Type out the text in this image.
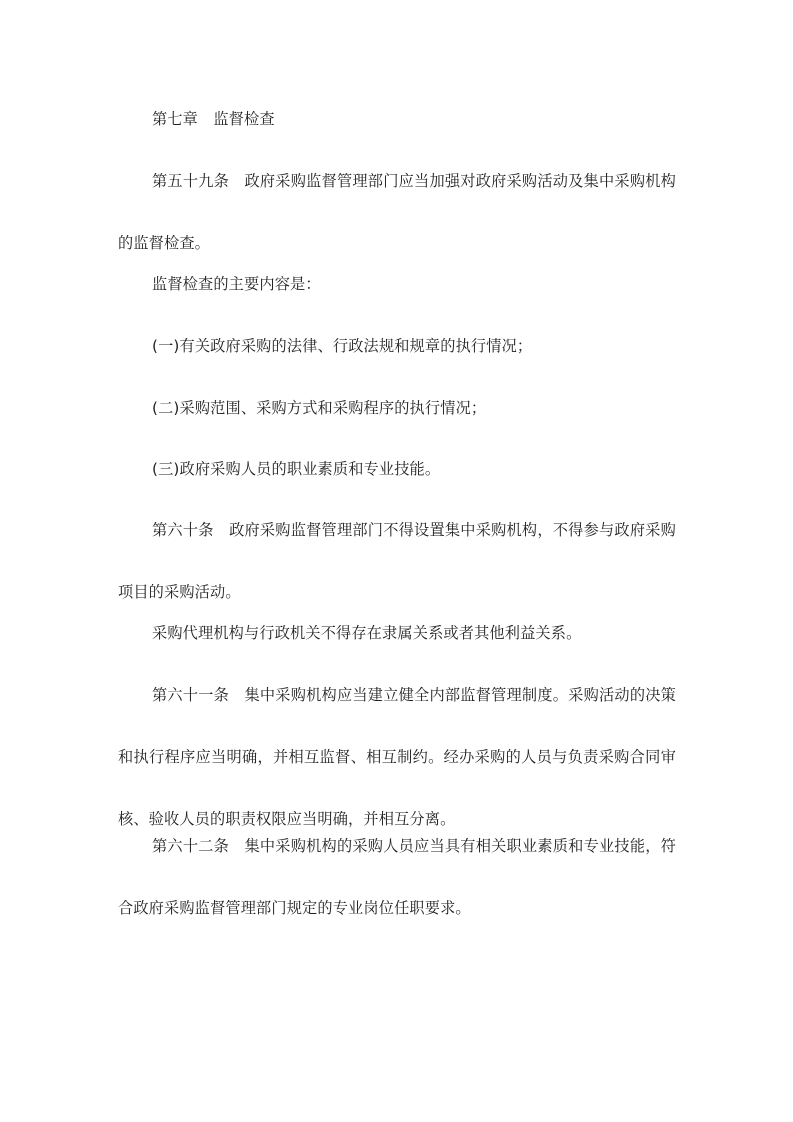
第七章　监督检查

第五十九条　政府采购监督管理部门应当加强对政府采购活动及集中采购机构的监督检查。

监督检查的主要内容是：

(一)有关政府采购的法律、行政法规和规章的执行情况；

(二)采购范围、采购方式和采购程序的执行情况；

(三)政府采购人员的职业素质和专业技能。

第六十条　政府采购监督管理部门不得设置集中采购机构，不得参与政府采购项目的采购活动。

采购代理机构与行政机关不得存在隶属关系或者其他利益关系。

第六十一条　集中采购机构应当建立健全内部监督管理制度。采购活动的决策和执行程序应当明确，并相互监督、相互制约。经办采购的人员与负责采购合同审核、验收人员的职责权限应当明确，并相互分离。

第六十二条　集中采购机构的采购人员应当具有相关职业素质和专业技能，符合政府采购监督管理部门规定的专业岗位任职要求。
